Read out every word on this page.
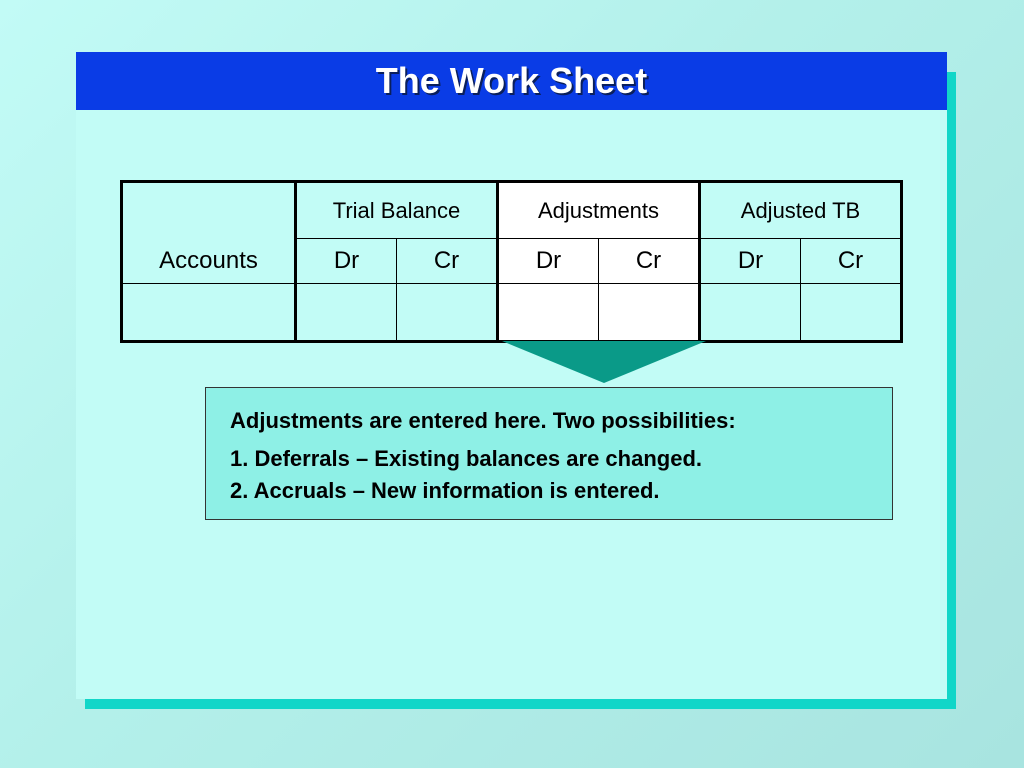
The Work Sheet
Accounts	Trial Balance		Adjustments		Adjusted TB	
	Dr	Cr	Dr	Cr	Dr	Cr

Adjustments are entered here. Two possibilities:
1. Deferrals – Existing balances are changed.
2. Accruals – New information is entered.
